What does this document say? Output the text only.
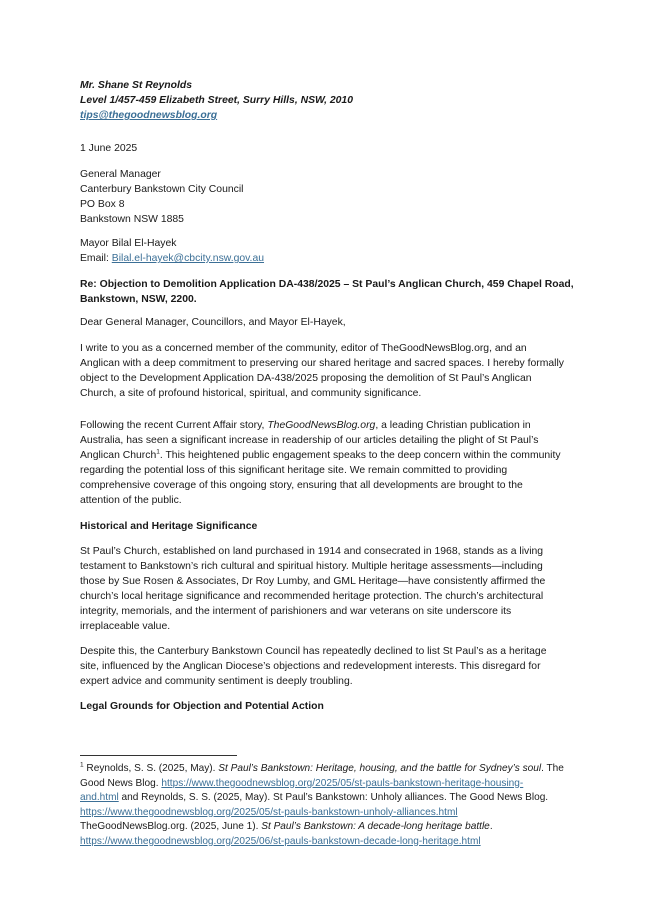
Mr. Shane St Reynolds
Level 1/457-459 Elizabeth Street, Surry Hills, NSW, 2010
tips@thegoodnewsblog.org
1 June 2025
General Manager
Canterbury Bankstown City Council
PO Box 8
Bankstown NSW 1885
Mayor Bilal El-Hayek
Email: Bilal.el-hayek@cbcity.nsw.gov.au
Re: Objection to Demolition Application DA-438/2025 – St Paul’s Anglican Church, 459 Chapel Road,
Bankstown, NSW, 2200.
Dear General Manager, Councillors, and Mayor El-Hayek,
I write to you as a concerned member of the community, editor of TheGoodNewsBlog.org, and an
Anglican with a deep commitment to preserving our shared heritage and sacred spaces. I hereby formally
object to the Development Application DA-438/2025 proposing the demolition of St Paul’s Anglican
Church, a site of profound historical, spiritual, and community significance.
Following the recent Current Affair story, TheGoodNewsBlog.org, a leading Christian publication in
Australia, has seen a significant increase in readership of our articles detailing the plight of St Paul’s
Anglican Church$^1$. This heightened public engagement speaks to the deep concern within the community
regarding the potential loss of this significant heritage site. We remain committed to providing
comprehensive coverage of this ongoing story, ensuring that all developments are brought to the
attention of the public.
Historical and Heritage Significance
St Paul’s Church, established on land purchased in 1914 and consecrated in 1968, stands as a living
testament to Bankstown’s rich cultural and spiritual history. Multiple heritage assessments—including
those by Sue Rosen & Associates, Dr Roy Lumby, and GML Heritage—have consistently affirmed the
church’s local heritage significance and recommended heritage protection. The church’s architectural
integrity, memorials, and the interment of parishioners and war veterans on site underscore its
irreplaceable value.
Despite this, the Canterbury Bankstown Council has repeatedly declined to list St Paul’s as a heritage
site, influenced by the Anglican Diocese’s objections and redevelopment interests. This disregard for
expert advice and community sentiment is deeply troubling.
Legal Grounds for Objection and Potential Action
$^1$ Reynolds, S. S. (2025, May). St Paul’s Bankstown: Heritage, housing, and the battle for Sydney’s soul. The
Good News Blog. https://www.thegoodnewsblog.org/2025/05/st-pauls-bankstown-heritage-housing-
and.html and Reynolds, S. S. (2025, May). St Paul’s Bankstown: Unholy alliances. The Good News Blog.
https://www.thegoodnewsblog.org/2025/05/st-pauls-bankstown-unholy-alliances.html
TheGoodNewsBlog.org. (2025, June 1). St Paul’s Bankstown: A decade-long heritage battle.
https://www.thegoodnewsblog.org/2025/06/st-pauls-bankstown-decade-long-heritage.html
